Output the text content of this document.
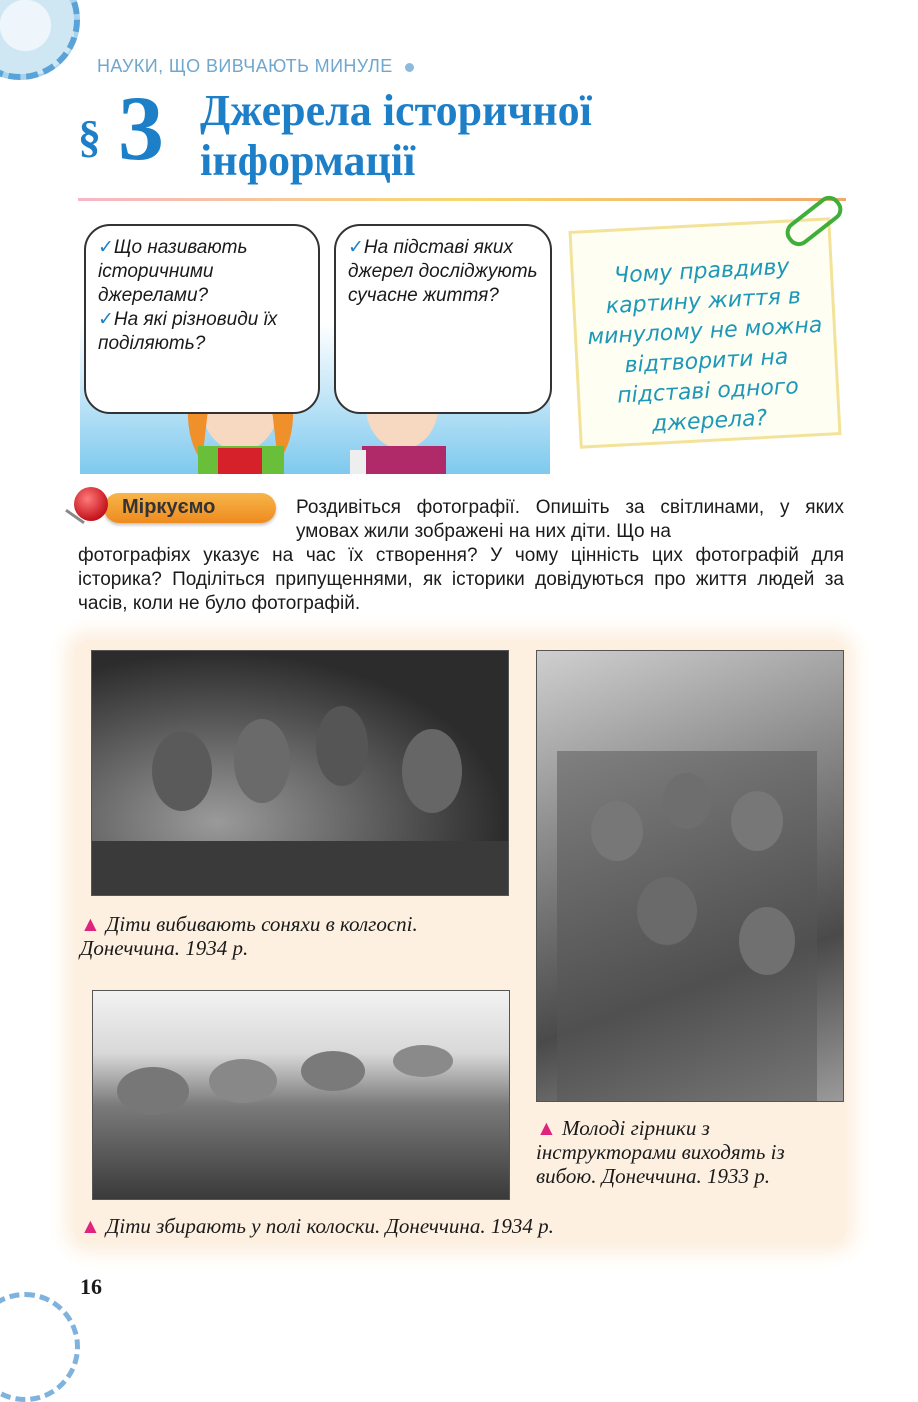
НАУКИ, ЩО ВИВЧАЮТЬ МИНУЛЕ
§ 3 Джерела історичної
інформації
✓Що називають історичними джерелами?
✓На які різновиди їх поділяють?
✓На підставі яких джерел досліджують сучасне життя?
Чому правдиву картину життя в минулому не можна відтворити на підставі одного джерела?
Міркуємо	Роздивіться фотографії. Опишіть за світлинами, у яких умовах жили зображені на них діти. Що на
фотографіях указує на час їх створення? У чому цінність цих фотографій для історика? Поділіться припущеннями, як історики довідуються про життя людей за часів, коли не було фотографій.
▲ Діти вибивають соняхи в колгоспі. Донеччина. 1934 р.
▲ Молоді гірники з інструкторами виходять із вибою. Донеччина. 1933 р.
▲ Діти збирають у полі колоски. Донеччина. 1934 р.
16
